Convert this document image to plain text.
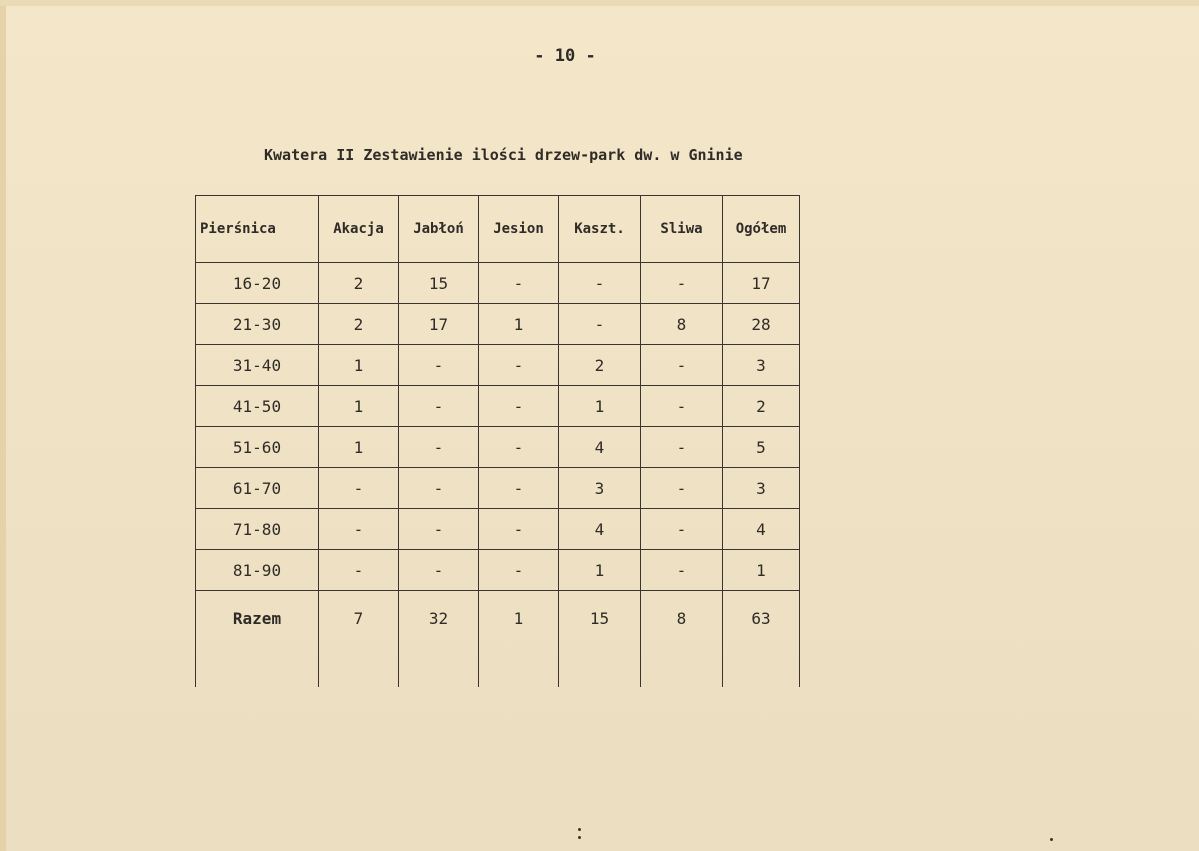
- 10 -
Kwatera II Zestawienie ilości drzew-park dw. w Gninie
Pierśnica	Akacja	Jabłoń	Jesion	Kaszt.	Sliwa	Ogółem
16-20	2	15	-	-	-	17
21-30	2	17	1	-	8	28
31-40	1	-	-	2	-	3
41-50	1	-	-	1	-	2
51-60	1	-	-	4	-	5
61-70	-	-	-	3	-	3
71-80	-	-	-	4	-	4
81-90	-	-	-	1	-	1
Razem	7	32	1	15	8	63
